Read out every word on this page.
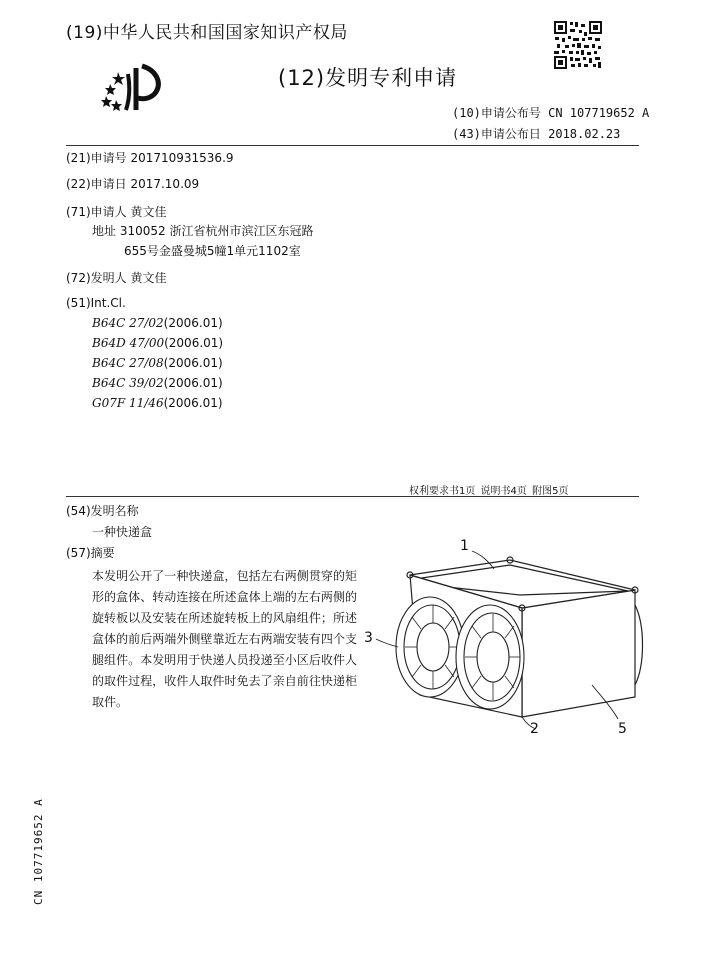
(19)中华人民共和国国家知识产权局
(12)发明专利申请
(10)申请公布号 CN 107719652 A
(43)申请公布日 2018.02.23
(21)申请号 201710931536.9
(22)申请日 2017.10.09
(71)申请人 黄文佳
地址 310052 浙江省杭州市滨江区东冠路
655号金盛曼城5幢1单元1102室
(72)发明人 黄文佳
(51)Int.Cl.
B64C 27/02(2006.01)
B64D 47/00(2006.01)
B64C 27/08(2006.01)
B64C 39/02(2006.01)
G07F 11/46(2006.01)
权利要求书1页 说明书4页 附图5页
(54)发明名称
一种快递盒
(57)摘要
本发明公开了一种快递盒，包括左右两侧贯穿的矩形的盒体、转动连接在所述盒体上端的左右两侧的旋转板以及安装在所述旋转板上的风扇组件；所述盒体的前后两端外侧壁靠近左右两端安装有四个支腿组件。本发明用于快递人员投递至小区后收件人的取件过程，收件人取件时免去了亲自前往快递柜取件。
1
3
2	5
CN 107719652 A
